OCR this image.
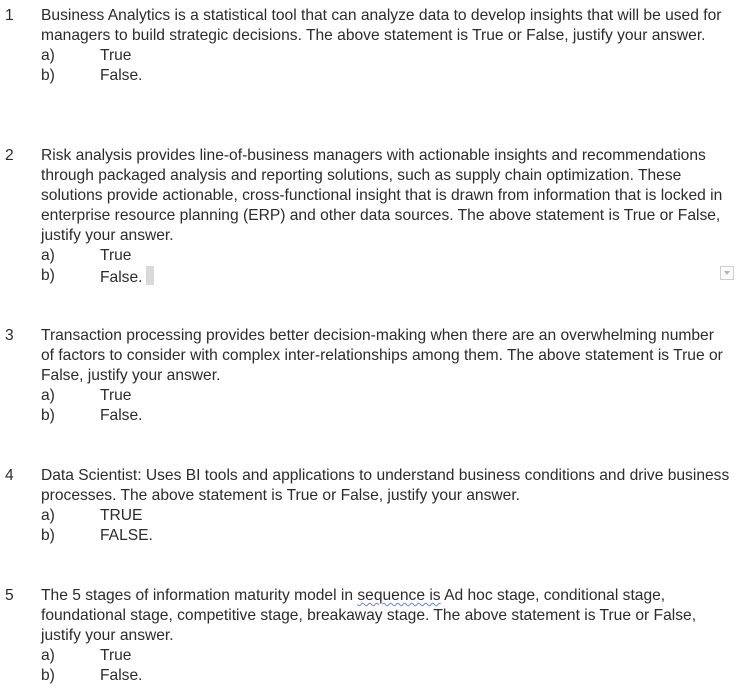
1 Business Analytics is a statistical tool that can analyze data to develop insights that will be used for managers to build strategic decisions. The above statement is True or False, justify your answer.
a)	True
b)	False.
2 Risk analysis provides line-of-business managers with actionable insights and recommendations through packaged analysis and reporting solutions, such as supply chain optimization. These solutions provide actionable, cross-functional insight that is drawn from information that is locked in enterprise resource planning (ERP) and other data sources. The above statement is True or False, justify your answer.
a)	True
b)	False.
3 Transaction processing provides better decision-making when there are an overwhelming number of factors to consider with complex inter-relationships among them. The above statement is True or False, justify your answer.
a)	True
b)	False.
4 Data Scientist: Uses BI tools and applications to understand business conditions and drive business processes. The above statement is True or False, justify your answer.
a)	TRUE
b)	FALSE.
5 The 5 stages of information maturity model in sequence is Ad hoc stage, conditional stage, foundational stage, competitive stage, breakaway stage. The above statement is True or False, justify your answer.
a)	True
b)	False.
